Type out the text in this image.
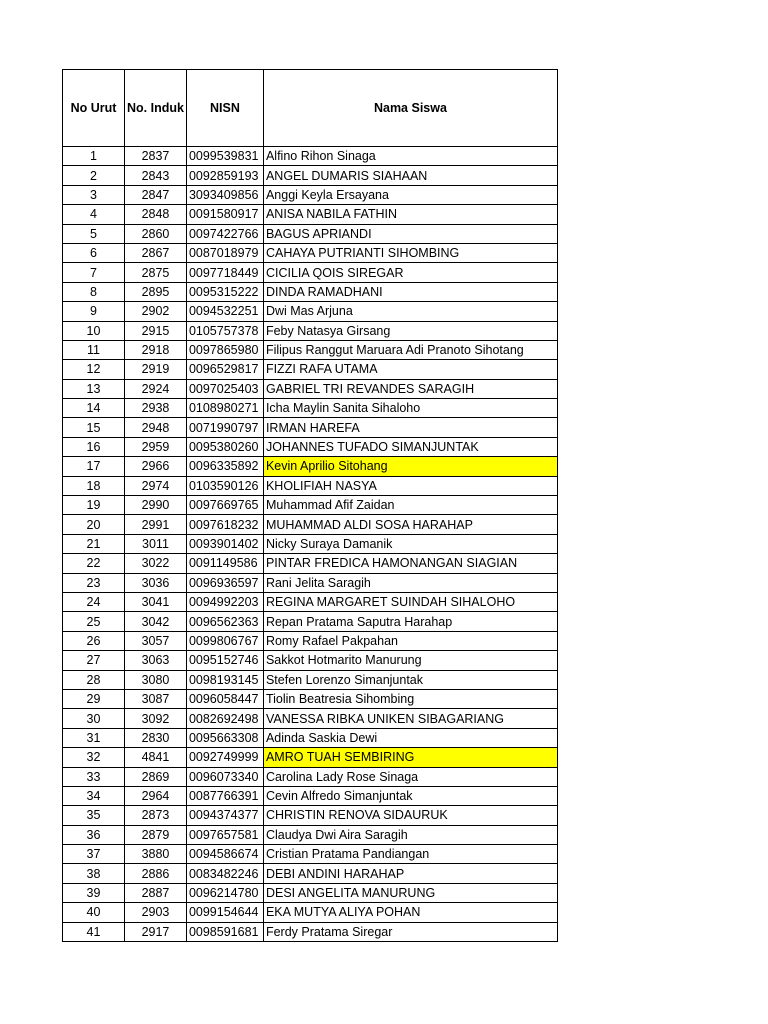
No Urut	No. Induk	NISN	Nama Siswa
1	2837	0099539831	Alfino Rihon Sinaga
2	2843	0092859193	ANGEL DUMARIS SIAHAAN
3	2847	3093409856	Anggi Keyla Ersayana
4	2848	0091580917	ANISA NABILA FATHIN
5	2860	0097422766	BAGUS APRIANDI
6	2867	0087018979	CAHAYA PUTRIANTI SIHOMBING
7	2875	0097718449	CICILIA QOIS SIREGAR
8	2895	0095315222	DINDA RAMADHANI
9	2902	0094532251	Dwi Mas Arjuna
10	2915	0105757378	Feby Natasya Girsang
11	2918	0097865980	Filipus Ranggut Maruara Adi Pranoto Sihotang
12	2919	0096529817	FIZZI RAFA UTAMA
13	2924	0097025403	GABRIEL TRI REVANDES SARAGIH
14	2938	0108980271	Icha Maylin Sanita Sihaloho
15	2948	0071990797	IRMAN HAREFA
16	2959	0095380260	JOHANNES TUFADO SIMANJUNTAK
17	2966	0096335892	Kevin Aprilio Sitohang
18	2974	0103590126	KHOLIFIAH NASYA
19	2990	0097669765	Muhammad Afif Zaidan
20	2991	0097618232	MUHAMMAD ALDI SOSA HARAHAP
21	3011	0093901402	Nicky Suraya Damanik
22	3022	0091149586	PINTAR FREDICA HAMONANGAN SIAGIAN
23	3036	0096936597	Rani Jelita Saragih
24	3041	0094992203	REGINA MARGARET SUINDAH SIHALOHO
25	3042	0096562363	Repan Pratama Saputra Harahap
26	3057	0099806767	Romy Rafael Pakpahan
27	3063	0095152746	Sakkot Hotmarito Manurung
28	3080	0098193145	Stefen Lorenzo Simanjuntak
29	3087	0096058447	Tiolin Beatresia Sihombing
30	3092	0082692498	VANESSA RIBKA UNIKEN SIBAGARIANG
31	2830	0095663308	Adinda Saskia Dewi
32	4841	0092749999	AMRO TUAH SEMBIRING
33	2869	0096073340	Carolina Lady Rose Sinaga
34	2964	0087766391	Cevin Alfredo Simanjuntak
35	2873	0094374377	CHRISTIN RENOVA SIDAURUK
36	2879	0097657581	Claudya Dwi Aira Saragih
37	3880	0094586674	Cristian Pratama Pandiangan
38	2886	0083482246	DEBI ANDINI HARAHAP
39	2887	0096214780	DESI ANGELITA MANURUNG
40	2903	0099154644	EKA MUTYA ALIYA POHAN
41	2917	0098591681	Ferdy Pratama Siregar
